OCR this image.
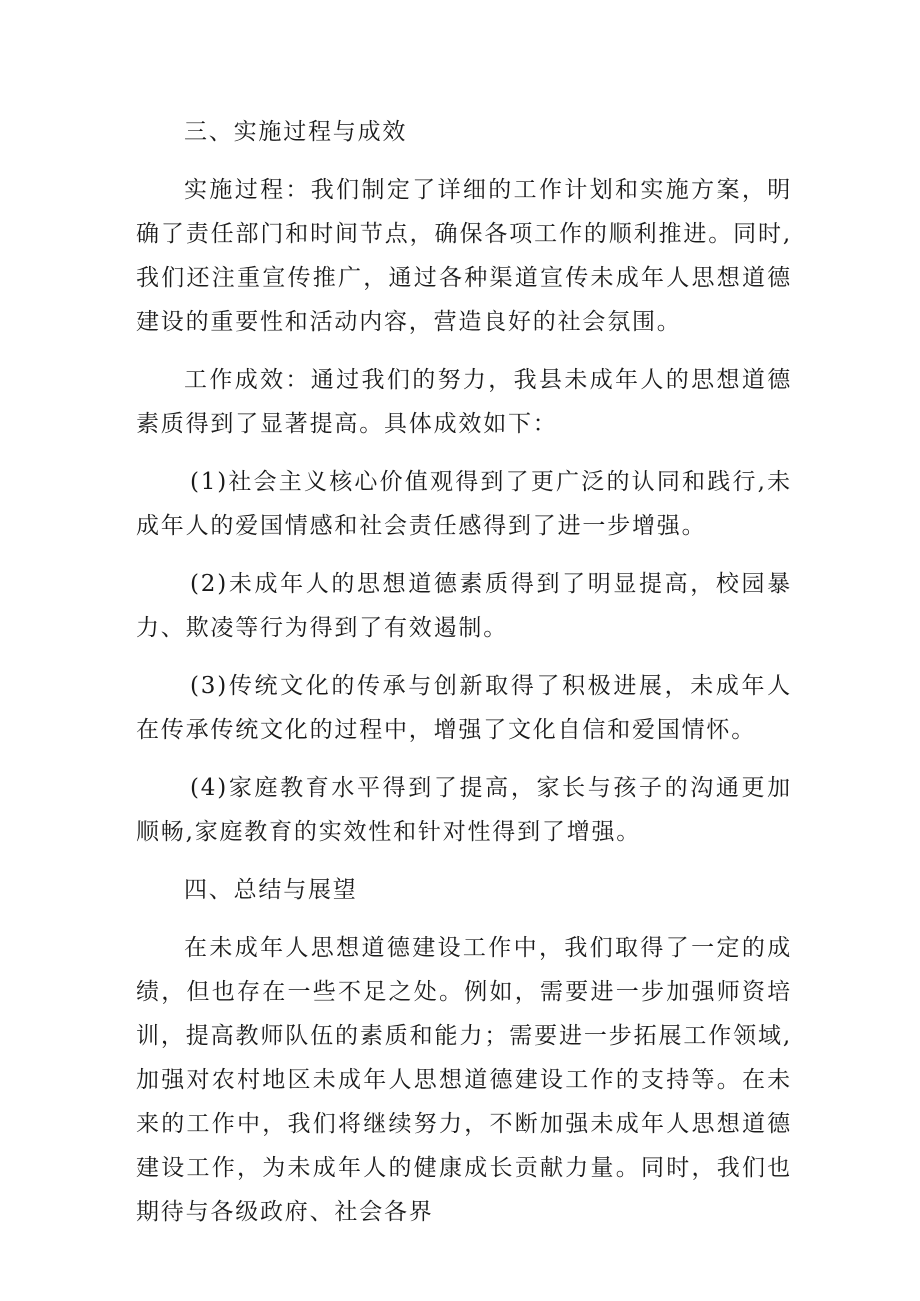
三、实施过程与成效

实施过程：我们制定了详细的工作计划和实施方案，明确了责任部门和时间节点，确保各项工作的顺利推进。同时,我们还注重宣传推广，通过各种渠道宣传未成年人思想道德建设的重要性和活动内容，营造良好的社会氛围。

工作成效：通过我们的努力，我县未成年人的思想道德素质得到了显著提高。具体成效如下：

(1)社会主义核心价值观得到了更广泛的认同和践行,未成年人的爱国情感和社会责任感得到了进一步增强。

(2)未成年人的思想道德素质得到了明显提高，校园暴力、欺凌等行为得到了有效遏制。

(3)传统文化的传承与创新取得了积极进展，未成年人在传承传统文化的过程中，增强了文化自信和爱国情怀。

(4)家庭教育水平得到了提高，家长与孩子的沟通更加顺畅,家庭教育的实效性和针对性得到了增强。

四、总结与展望

在未成年人思想道德建设工作中，我们取得了一定的成绩，但也存在一些不足之处。例如，需要进一步加强师资培训，提高教师队伍的素质和能力；需要进一步拓展工作领域,加强对农村地区未成年人思想道德建设工作的支持等。在未来的工作中，我们将继续努力，不断加强未成年人思想道德建设工作，为未成年人的健康成长贡献力量。同时，我们也期待与各级政府、社会各界
